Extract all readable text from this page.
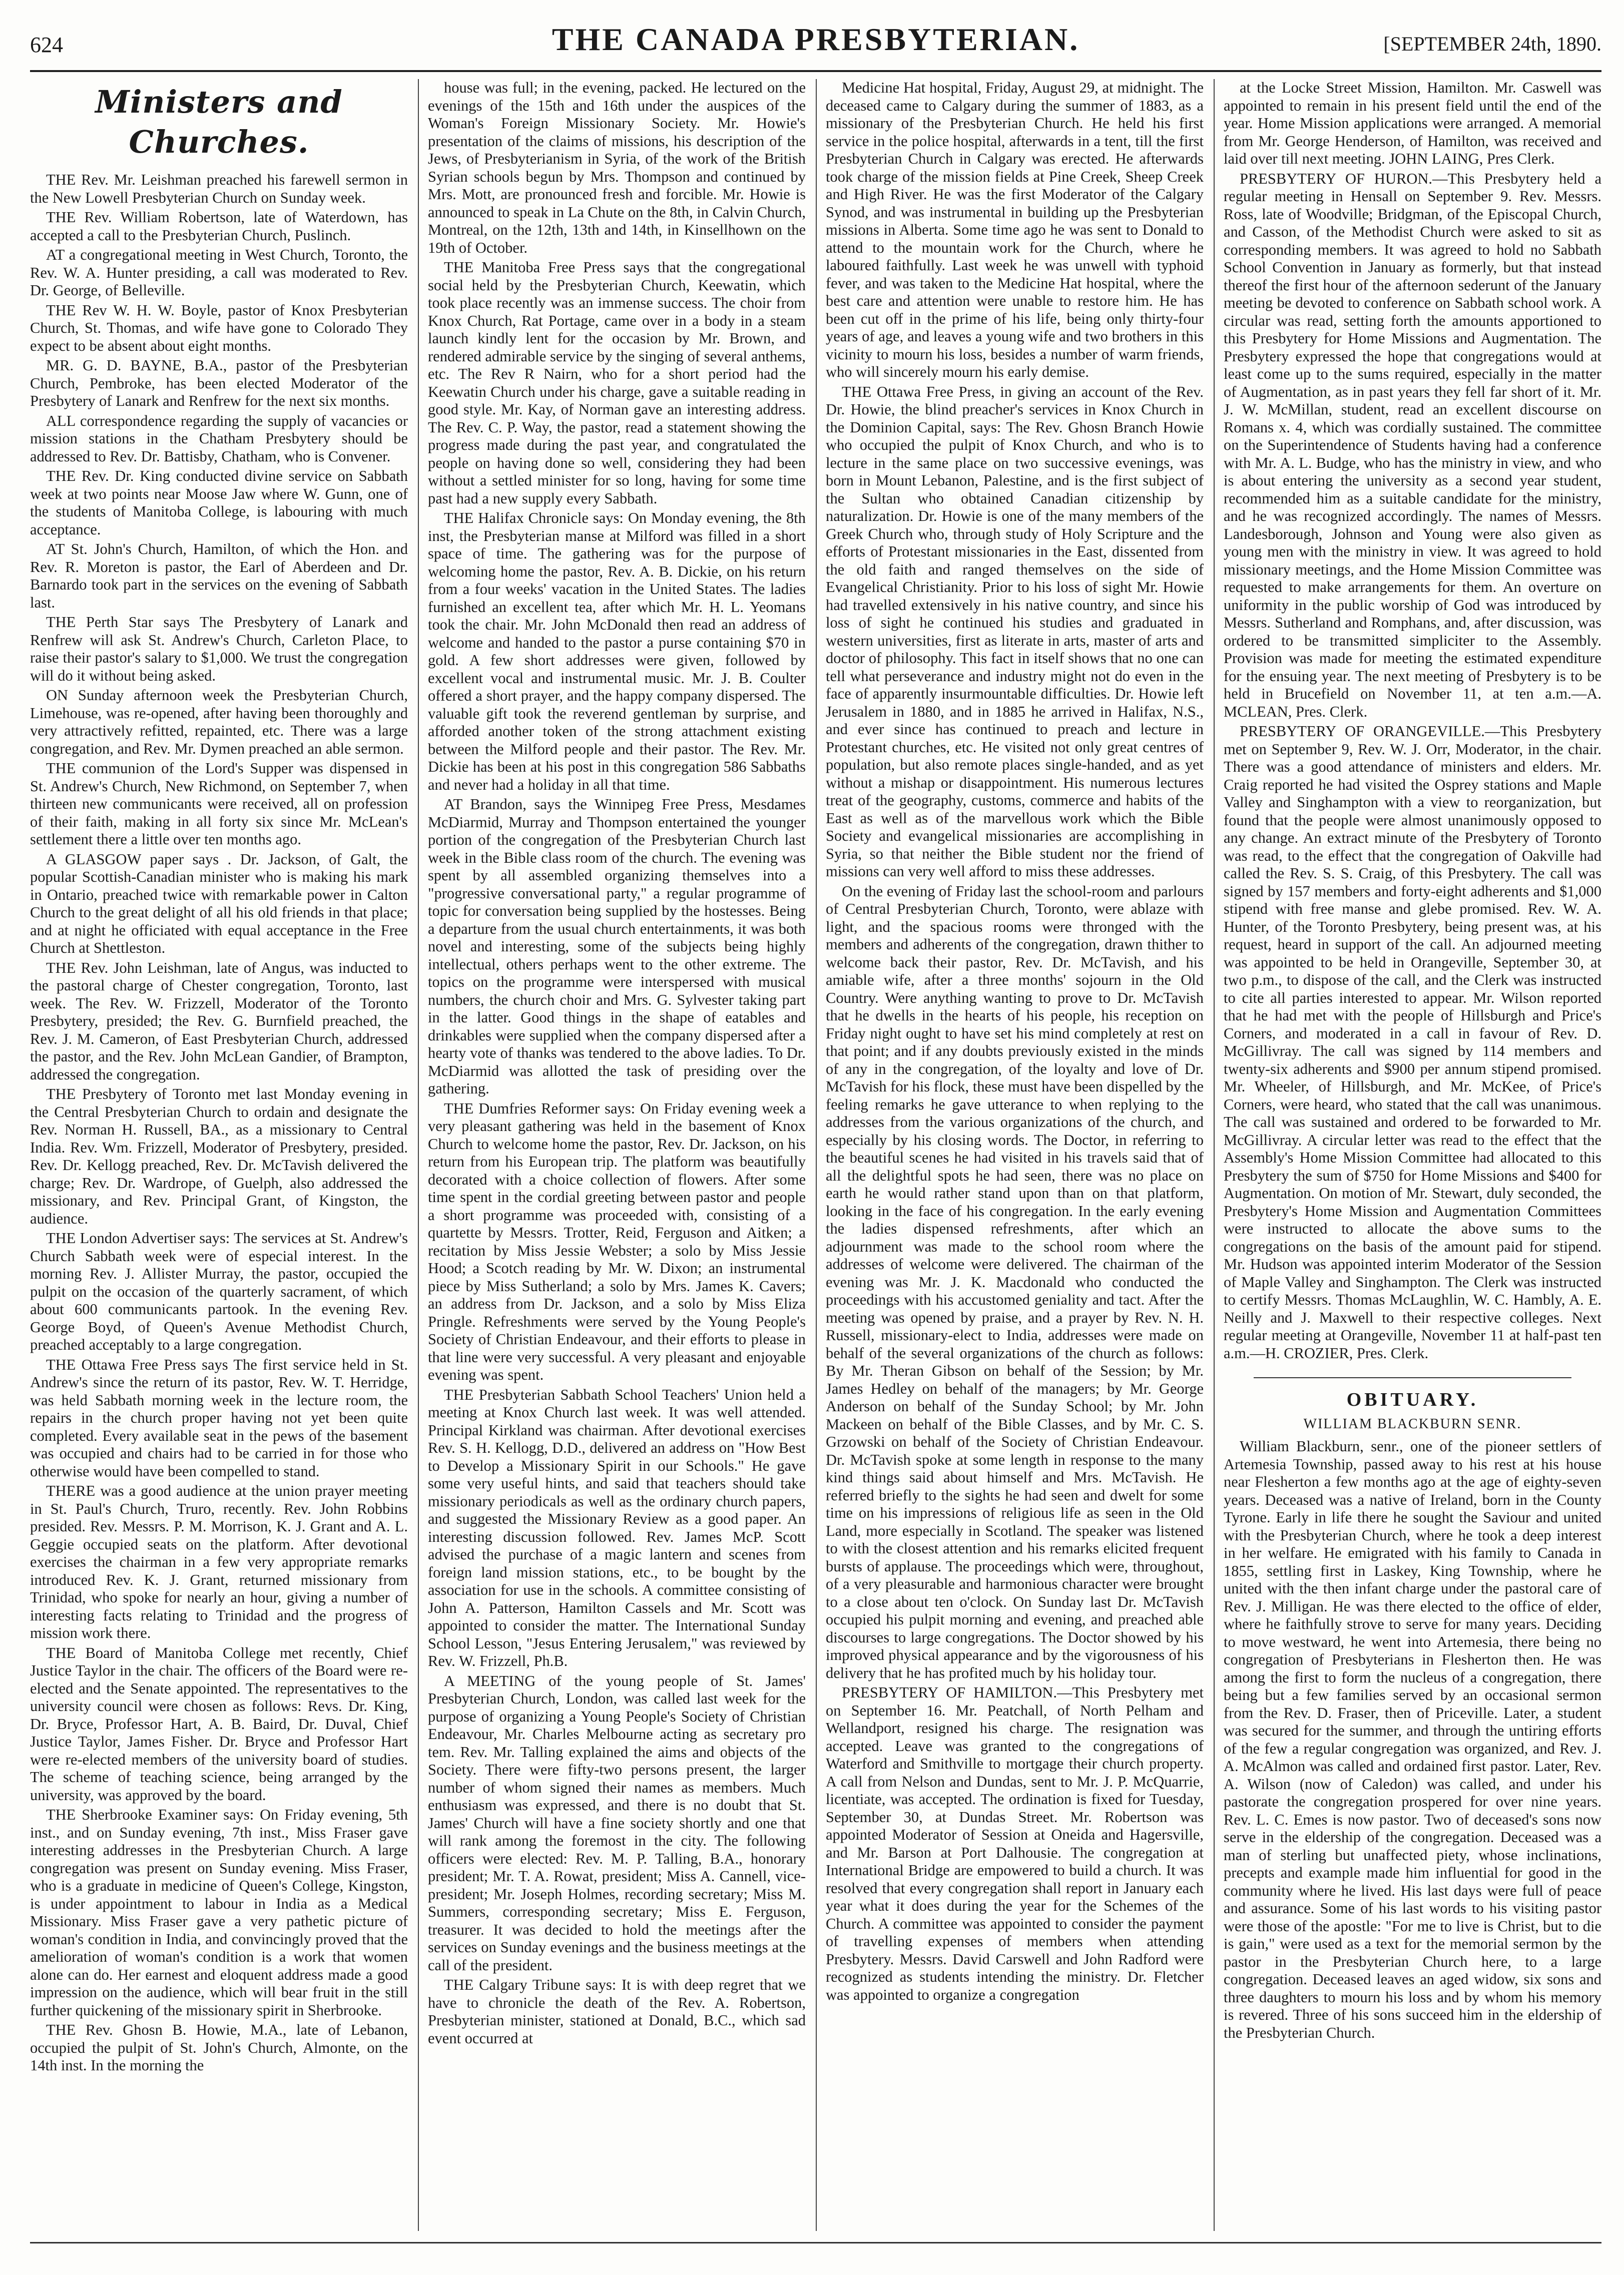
624	THE CANADA PRESBYTERIAN.	[SEPTEMBER 24th, 1890.
Ministers and Churches.

THE Rev. Mr. Leishman preached his farewell sermon in the New Lowell Presbyterian Church on Sunday week.

THE Rev. William Robertson, late of Waterdown, has accepted a call to the Presbyterian Church, Puslinch.

AT a congregational meeting in West Church, Toronto, the Rev. W. A. Hunter presiding, a call was moderated to Rev. Dr. George, of Belleville.

THE Rev W. H. W. Boyle, pastor of Knox Presbyterian Church, St. Thomas, and wife have gone to Colorado They expect to be absent about eight months.

MR. G. D. BAYNE, B.A., pastor of the Presbyterian Church, Pembroke, has been elected Moderator of the Presbytery of Lanark and Renfrew for the next six months.

ALL correspondence regarding the supply of vacancies or mission stations in the Chatham Presbytery should be addressed to Rev. Dr. Battisby, Chatham, who is Convener.

THE Rev. Dr. King conducted divine service on Sabbath week at two points near Moose Jaw where W. Gunn, one of the students of Manitoba College, is labouring with much acceptance.

AT St. John's Church, Hamilton, of which the Hon. and Rev. R. Moreton is pastor, the Earl of Aberdeen and Dr. Barnardo took part in the services on the evening of Sabbath last.

THE Perth Star says The Presbytery of Lanark and Renfrew will ask St. Andrew's Church, Carleton Place, to raise their pastor's salary to $1,000. We trust the congregation will do it without being asked.

ON Sunday afternoon week the Presbyterian Church, Limehouse, was re-opened, after having been thoroughly and very attractively refitted, repainted, etc. There was a large congregation, and Rev. Mr. Dymen preached an able sermon.

THE communion of the Lord's Supper was dispensed in St. Andrew's Church, New Richmond, on September 7, when thirteen new communicants were received, all on profession of their faith, making in all forty six since Mr. McLean's settlement there a little over ten months ago.

A GLASGOW paper says . Dr. Jackson, of Galt, the popular Scottish-Canadian minister who is making his mark in Ontario, preached twice with remarkable power in Calton Church to the great delight of all his old friends in that place; and at night he officiated with equal acceptance in the Free Church at Shettleston.

THE Rev. John Leishman, late of Angus, was inducted to the pastoral charge of Chester congregation, Toronto, last week. The Rev. W. Frizzell, Moderator of the Toronto Presbytery, presided; the Rev. G. Burnfield preached, the Rev. J. M. Cameron, of East Presbyterian Church, addressed the pastor, and the Rev. John McLean Gandier, of Brampton, addressed the congregation.

THE Presbytery of Toronto met last Monday evening in the Central Presbyterian Church to ordain and designate the Rev. Norman H. Russell, BA., as a missionary to Central India. Rev. Wm. Frizzell, Moderator of Presbytery, presided. Rev. Dr. Kellogg preached, Rev. Dr. McTavish delivered the charge; Rev. Dr. Wardrope, of Guelph, also addressed the missionary, and Rev. Principal Grant, of Kingston, the audience.

THE London Advertiser says: The services at St. Andrew's Church Sabbath week were of especial interest. In the morning Rev. J. Allister Murray, the pastor, occupied the pulpit on the occasion of the quarterly sacrament, of which about 600 communicants partook. In the evening Rev. George Boyd, of Queen's Avenue Methodist Church, preached acceptably to a large congregation.

THE Ottawa Free Press says The first service held in St. Andrew's since the return of its pastor, Rev. W. T. Herridge, was held Sabbath morning week in the lecture room, the repairs in the church proper having not yet been quite completed. Every available seat in the pews of the basement was occupied and chairs had to be carried in for those who otherwise would have been compelled to stand.

THERE was a good audience at the union prayer meeting in St. Paul's Church, Truro, recently. Rev. John Robbins presided. Rev. Messrs. P. M. Morrison, K. J. Grant and A. L. Geggie occupied seats on the platform. After devotional exercises the chairman in a few very appropriate remarks introduced Rev. K. J. Grant, returned missionary from Trinidad, who spoke for nearly an hour, giving a number of interesting facts relating to Trinidad and the progress of mission work there.

THE Board of Manitoba College met recently, Chief Justice Taylor in the chair. The officers of the Board were re-elected and the Senate appointed. The representatives to the university council were chosen as follows: Revs. Dr. King, Dr. Bryce, Professor Hart, A. B. Baird, Dr. Duval, Chief Justice Taylor, James Fisher. Dr. Bryce and Professor Hart were re-elected members of the university board of studies. The scheme of teaching science, being arranged by the university, was approved by the board.

THE Sherbrooke Examiner says: On Friday evening, 5th inst., and on Sunday evening, 7th inst., Miss Fraser gave interesting addresses in the Presbyterian Church. A large congregation was present on Sunday evening. Miss Fraser, who is a graduate in medicine of Queen's College, Kingston, is under appointment to labour in India as a Medical Missionary. Miss Fraser gave a very pathetic picture of woman's condition in India, and convincingly proved that the amelioration of woman's condition is a work that women alone can do. Her earnest and eloquent address made a good impression on the audience, which will bear fruit in the still further quickening of the missionary spirit in Sherbrooke.

THE Rev. Ghosn B. Howie, M.A., late of Lebanon, occupied the pulpit of St. John's Church, Almonte, on the 14th inst. In the morning the

house was full; in the evening, packed. He lectured on the evenings of the 15th and 16th under the auspices of the Woman's Foreign Missionary Society. Mr. Howie's presentation of the claims of missions, his description of the Jews, of Presbyterianism in Syria, of the work of the British Syrian schools begun by Mrs. Thompson and continued by Mrs. Mott, are pronounced fresh and forcible. Mr. Howie is announced to speak in La Chute on the 8th, in Calvin Church, Montreal, on the 12th, 13th and 14th, in Kinsellhown on the 19th of October.

THE Manitoba Free Press says that the congregational social held by the Presbyterian Church, Keewatin, which took place recently was an immense success. The choir from Knox Church, Rat Portage, came over in a body in a steam launch kindly lent for the occasion by Mr. Brown, and rendered admirable service by the singing of several anthems, etc. The Rev R Nairn, who for a short period had the Keewatin Church under his charge, gave a suitable reading in good style. Mr. Kay, of Norman gave an interesting address. The Rev. C. P. Way, the pastor, read a statement showing the progress made during the past year, and congratulated the people on having done so well, considering they had been without a settled minister for so long, having for some time past had a new supply every Sabbath.

THE Halifax Chronicle says: On Monday evening, the 8th inst, the Presbyterian manse at Milford was filled in a short space of time. The gathering was for the purpose of welcoming home the pastor, Rev. A. B. Dickie, on his return from a four weeks' vacation in the United States. The ladies furnished an excellent tea, after which Mr. H. L. Yeomans took the chair. Mr. John McDonald then read an address of welcome and handed to the pastor a purse containing $70 in gold. A few short addresses were given, followed by excellent vocal and instrumental music. Mr. J. B. Coulter offered a short prayer, and the happy company dispersed. The valuable gift took the reverend gentleman by surprise, and afforded another token of the strong attachment existing between the Milford people and their pastor. The Rev. Mr. Dickie has been at his post in this congregation 586 Sabbaths and never had a holiday in all that time.

AT Brandon, says the Winnipeg Free Press, Mesdames McDiarmid, Murray and Thompson entertained the younger portion of the congregation of the Presbyterian Church last week in the Bible class room of the church. The evening was spent by all assembled organizing themselves into a "progressive conversational party," a regular programme of topic for conversation being supplied by the hostesses. Being a departure from the usual church entertainments, it was both novel and interesting, some of the subjects being highly intellectual, others perhaps went to the other extreme. The topics on the programme were interspersed with musical numbers, the church choir and Mrs. G. Sylvester taking part in the latter. Good things in the shape of eatables and drinkables were supplied when the company dispersed after a hearty vote of thanks was tendered to the above ladies. To Dr. McDiarmid was allotted the task of presiding over the gathering.

THE Dumfries Reformer says: On Friday evening week a very pleasant gathering was held in the basement of Knox Church to welcome home the pastor, Rev. Dr. Jackson, on his return from his European trip. The platform was beautifully decorated with a choice collection of flowers. After some time spent in the cordial greeting between pastor and people a short programme was proceeded with, consisting of a quartette by Messrs. Trotter, Reid, Ferguson and Aitken; a recitation by Miss Jessie Webster; a solo by Miss Jessie Hood; a Scotch reading by Mr. W. Dixon; an instrumental piece by Miss Sutherland; a solo by Mrs. James K. Cavers; an address from Dr. Jackson, and a solo by Miss Eliza Pringle. Refreshments were served by the Young People's Society of Christian Endeavour, and their efforts to please in that line were very successful. A very pleasant and enjoyable evening was spent.

THE Presbyterian Sabbath School Teachers' Union held a meeting at Knox Church last week. It was well attended. Principal Kirkland was chairman. After devotional exercises Rev. S. H. Kellogg, D.D., delivered an address on "How Best to Develop a Missionary Spirit in our Schools." He gave some very useful hints, and said that teachers should take missionary periodicals as well as the ordinary church papers, and suggested the Missionary Review as a good paper. An interesting discussion followed. Rev. James McP. Scott advised the purchase of a magic lantern and scenes from foreign land mission stations, etc., to be bought by the association for use in the schools. A committee consisting of John A. Patterson, Hamilton Cassels and Mr. Scott was appointed to consider the matter. The International Sunday School Lesson, "Jesus Entering Jerusalem," was reviewed by Rev. W. Frizzell, Ph.B.

A MEETING of the young people of St. James' Presbyterian Church, London, was called last week for the purpose of organizing a Young People's Society of Christian Endeavour, Mr. Charles Melbourne acting as secretary pro tem. Rev. Mr. Talling explained the aims and objects of the Society. There were fifty-two persons present, the larger number of whom signed their names as members. Much enthusiasm was expressed, and there is no doubt that St. James' Church will have a fine society shortly and one that will rank among the foremost in the city. The following officers were elected: Rev. M. P. Talling, B.A., honorary president; Mr. T. A. Rowat, president; Miss A. Cannell, vice-president; Mr. Joseph Holmes, recording secretary; Miss M. Summers, corresponding secretary; Miss E. Ferguson, treasurer. It was decided to hold the meetings after the services on Sunday evenings and the business meetings at the call of the president.

THE Calgary Tribune says: It is with deep regret that we have to chronicle the death of the Rev. A. Robertson, Presbyterian minister, stationed at Donald, B.C., which sad event occurred at

Medicine Hat hospital, Friday, August 29, at midnight. The deceased came to Calgary during the summer of 1883, as a missionary of the Presbyterian Church. He held his first service in the police hospital, afterwards in a tent, till the first Presbyterian Church in Calgary was erected. He afterwards took charge of the mission fields at Pine Creek, Sheep Creek and High River. He was the first Moderator of the Calgary Synod, and was instrumental in building up the Presbyterian missions in Alberta. Some time ago he was sent to Donald to attend to the mountain work for the Church, where he laboured faithfully. Last week he was unwell with typhoid fever, and was taken to the Medicine Hat hospital, where the best care and attention were unable to restore him. He has been cut off in the prime of his life, being only thirty-four years of age, and leaves a young wife and two brothers in this vicinity to mourn his loss, besides a number of warm friends, who will sincerely mourn his early demise.

THE Ottawa Free Press, in giving an account of the Rev. Dr. Howie, the blind preacher's services in Knox Church in the Dominion Capital, says: The Rev. Ghosn Branch Howie who occupied the pulpit of Knox Church, and who is to lecture in the same place on two successive evenings, was born in Mount Lebanon, Palestine, and is the first subject of the Sultan who obtained Canadian citizenship by naturalization. Dr. Howie is one of the many members of the Greek Church who, through study of Holy Scripture and the efforts of Protestant missionaries in the East, dissented from the old faith and ranged themselves on the side of Evangelical Christianity. Prior to his loss of sight Mr. Howie had travelled extensively in his native country, and since his loss of sight he continued his studies and graduated in western universities, first as literate in arts, master of arts and doctor of philosophy. This fact in itself shows that no one can tell what perseverance and industry might not do even in the face of apparently insurmountable difficulties. Dr. Howie left Jerusalem in 1880, and in 1885 he arrived in Halifax, N.S., and ever since has continued to preach and lecture in Protestant churches, etc. He visited not only great centres of population, but also remote places single-handed, and as yet without a mishap or disappointment. His numerous lectures treat of the geography, customs, commerce and habits of the East as well as of the marvellous work which the Bible Society and evangelical missionaries are accomplishing in Syria, so that neither the Bible student nor the friend of missions can very well afford to miss these addresses.

On the evening of Friday last the school-room and parlours of Central Presbyterian Church, Toronto, were ablaze with light, and the spacious rooms were thronged with the members and adherents of the congregation, drawn thither to welcome back their pastor, Rev. Dr. McTavish, and his amiable wife, after a three months' sojourn in the Old Country. Were anything wanting to prove to Dr. McTavish that he dwells in the hearts of his people, his reception on Friday night ought to have set his mind completely at rest on that point; and if any doubts previously existed in the minds of any in the congregation, of the loyalty and love of Dr. McTavish for his flock, these must have been dispelled by the feeling remarks he gave utterance to when replying to the addresses from the various organizations of the church, and especially by his closing words. The Doctor, in referring to the beautiful scenes he had visited in his travels said that of all the delightful spots he had seen, there was no place on earth he would rather stand upon than on that platform, looking in the face of his congregation. In the early evening the ladies dispensed refreshments, after which an adjournment was made to the school room where the addresses of welcome were delivered. The chairman of the evening was Mr. J. K. Macdonald who conducted the proceedings with his accustomed geniality and tact. After the meeting was opened by praise, and a prayer by Rev. N. H. Russell, missionary-elect to India, addresses were made on behalf of the several organizations of the church as follows: By Mr. Theran Gibson on behalf of the Session; by Mr. James Hedley on behalf of the managers; by Mr. George Anderson on behalf of the Sunday School; by Mr. John Mackeen on behalf of the Bible Classes, and by Mr. C. S. Grzowski on behalf of the Society of Christian Endeavour. Dr. McTavish spoke at some length in response to the many kind things said about himself and Mrs. McTavish. He referred briefly to the sights he had seen and dwelt for some time on his impressions of religious life as seen in the Old Land, more especially in Scotland. The speaker was listened to with the closest attention and his remarks elicited frequent bursts of applause. The proceedings which were, throughout, of a very pleasurable and harmonious character were brought to a close about ten o'clock. On Sunday last Dr. McTavish occupied his pulpit morning and evening, and preached able discourses to large congregations. The Doctor showed by his improved physical appearance and by the vigorousness of his delivery that he has profited much by his holiday tour.

PRESBYTERY OF HAMILTON.—This Presbytery met on September 16. Mr. Peatchall, of North Pelham and Wellandport, resigned his charge. The resignation was accepted. Leave was granted to the congregations of Waterford and Smithville to mortgage their church property. A call from Nelson and Dundas, sent to Mr. J. P. McQuarrie, licentiate, was accepted. The ordination is fixed for Tuesday, September 30, at Dundas Street. Mr. Robertson was appointed Moderator of Session at Oneida and Hagersville, and Mr. Barson at Port Dalhousie. The congregation at International Bridge are empowered to build a church. It was resolved that every congregation shall report in January each year what it does during the year for the Schemes of the Church. A committee was appointed to consider the payment of travelling expenses of members when attending Presbytery. Messrs. David Carswell and John Radford were recognized as students intending the ministry. Dr. Fletcher was appointed to organize a congregation

at the Locke Street Mission, Hamilton. Mr. Caswell was appointed to remain in his present field until the end of the year. Home Mission applications were arranged. A memorial from Mr. George Henderson, of Hamilton, was received and laid over till next meeting. JOHN LAING, Pres Clerk.

PRESBYTERY OF HURON.—This Presbytery held a regular meeting in Hensall on September 9. Rev. Messrs. Ross, late of Woodville; Bridgman, of the Episcopal Church, and Casson, of the Methodist Church were asked to sit as corresponding members. It was agreed to hold no Sabbath School Convention in January as formerly, but that instead thereof the first hour of the afternoon sederunt of the January meeting be devoted to conference on Sabbath school work. A circular was read, setting forth the amounts apportioned to this Presbytery for Home Missions and Augmentation. The Presbytery expressed the hope that congregations would at least come up to the sums required, especially in the matter of Augmentation, as in past years they fell far short of it. Mr. J. W. McMillan, student, read an excellent discourse on Romans x. 4, which was cordially sustained. The committee on the Superintendence of Students having had a conference with Mr. A. L. Budge, who has the ministry in view, and who is about entering the university as a second year student, recommended him as a suitable candidate for the ministry, and he was recognized accordingly. The names of Messrs. Landesborough, Johnson and Young were also given as young men with the ministry in view. It was agreed to hold missionary meetings, and the Home Mission Committee was requested to make arrangements for them. An overture on uniformity in the public worship of God was introduced by Messrs. Sutherland and Romphans, and, after discussion, was ordered to be transmitted simpliciter to the Assembly. Provision was made for meeting the estimated expenditure for the ensuing year. The next meeting of Presbytery is to be held in Brucefield on November 11, at ten a.m.—A. MCLEAN, Pres. Clerk.

PRESBYTERY OF ORANGEVILLE.—This Presbytery met on September 9, Rev. W. J. Orr, Moderator, in the chair. There was a good attendance of ministers and elders. Mr. Craig reported he had visited the Osprey stations and Maple Valley and Singhampton with a view to reorganization, but found that the people were almost unanimously opposed to any change. An extract minute of the Presbytery of Toronto was read, to the effect that the congregation of Oakville had called the Rev. S. S. Craig, of this Presbytery. The call was signed by 157 members and forty-eight adherents and $1,000 stipend with free manse and glebe promised. Rev. W. A. Hunter, of the Toronto Presbytery, being present was, at his request, heard in support of the call. An adjourned meeting was appointed to be held in Orangeville, September 30, at two p.m., to dispose of the call, and the Clerk was instructed to cite all parties interested to appear. Mr. Wilson reported that he had met with the people of Hillsburgh and Price's Corners, and moderated in a call in favour of Rev. D. McGillivray. The call was signed by 114 members and twenty-six adherents and $900 per annum stipend promised. Mr. Wheeler, of Hillsburgh, and Mr. McKee, of Price's Corners, were heard, who stated that the call was unanimous. The call was sustained and ordered to be forwarded to Mr. McGillivray. A circular letter was read to the effect that the Assembly's Home Mission Committee had allocated to this Presbytery the sum of $750 for Home Missions and $400 for Augmentation. On motion of Mr. Stewart, duly seconded, the Presbytery's Home Mission and Augmentation Committees were instructed to allocate the above sums to the congregations on the basis of the amount paid for stipend. Mr. Hudson was appointed interim Moderator of the Session of Maple Valley and Singhampton. The Clerk was instructed to certify Messrs. Thomas McLaughlin, W. C. Hambly, A. E. Neilly and J. Maxwell to their respective colleges. Next regular meeting at Orangeville, November 11 at half-past ten a.m.—H. CROZIER, Pres. Clerk.

OBITUARY.
WILLIAM BLACKBURN SENR.

William Blackburn, senr., one of the pioneer settlers of Artemesia Township, passed away to his rest at his house near Flesherton a few months ago at the age of eighty-seven years. Deceased was a native of Ireland, born in the County Tyrone. Early in life there he sought the Saviour and united with the Presbyterian Church, where he took a deep interest in her welfare. He emigrated with his family to Canada in 1855, settling first in Laskey, King Township, where he united with the then infant charge under the pastoral care of Rev. J. Milligan. He was there elected to the office of elder, where he faithfully strove to serve for many years. Deciding to move westward, he went into Artemesia, there being no congregation of Presbyterians in Flesherton then. He was among the first to form the nucleus of a congregation, there being but a few families served by an occasional sermon from the Rev. D. Fraser, then of Priceville. Later, a student was secured for the summer, and through the untiring efforts of the few a regular congregation was organized, and Rev. J. A. McAlmon was called and ordained first pastor. Later, Rev. A. Wilson (now of Caledon) was called, and under his pastorate the congregation prospered for over nine years. Rev. L. C. Emes is now pastor. Two of deceased's sons now serve in the eldership of the congregation. Deceased was a man of sterling but unaffected piety, whose inclinations, precepts and example made him influential for good in the community where he lived. His last days were full of peace and assurance. Some of his last words to his visiting pastor were those of the apostle: "For me to live is Christ, but to die is gain," were used as a text for the memorial sermon by the pastor in the Presbyterian Church here, to a large congregation. Deceased leaves an aged widow, six sons and three daughters to mourn his loss and by whom his memory is revered. Three of his sons succeed him in the eldership of the Presbyterian Church.
